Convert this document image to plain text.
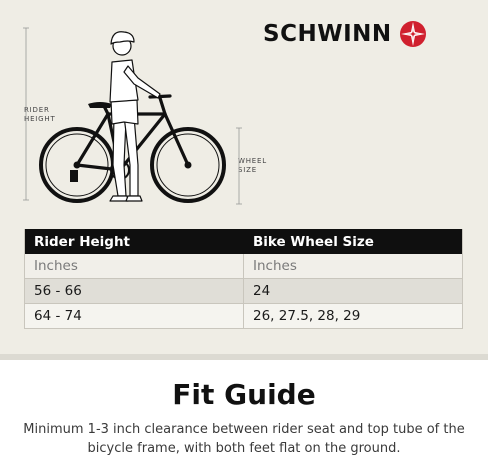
SCHWINN
RIDER
HEIGHT
WHEEL
SIZE
Rider Height	Bike Wheel Size
Inches	Inches
56 - 66	24
64 - 74	26, 27.5, 28, 29
Fit Guide
Minimum 1-3 inch clearance between rider seat and top tube of the bicycle frame, with both feet flat on the ground.
